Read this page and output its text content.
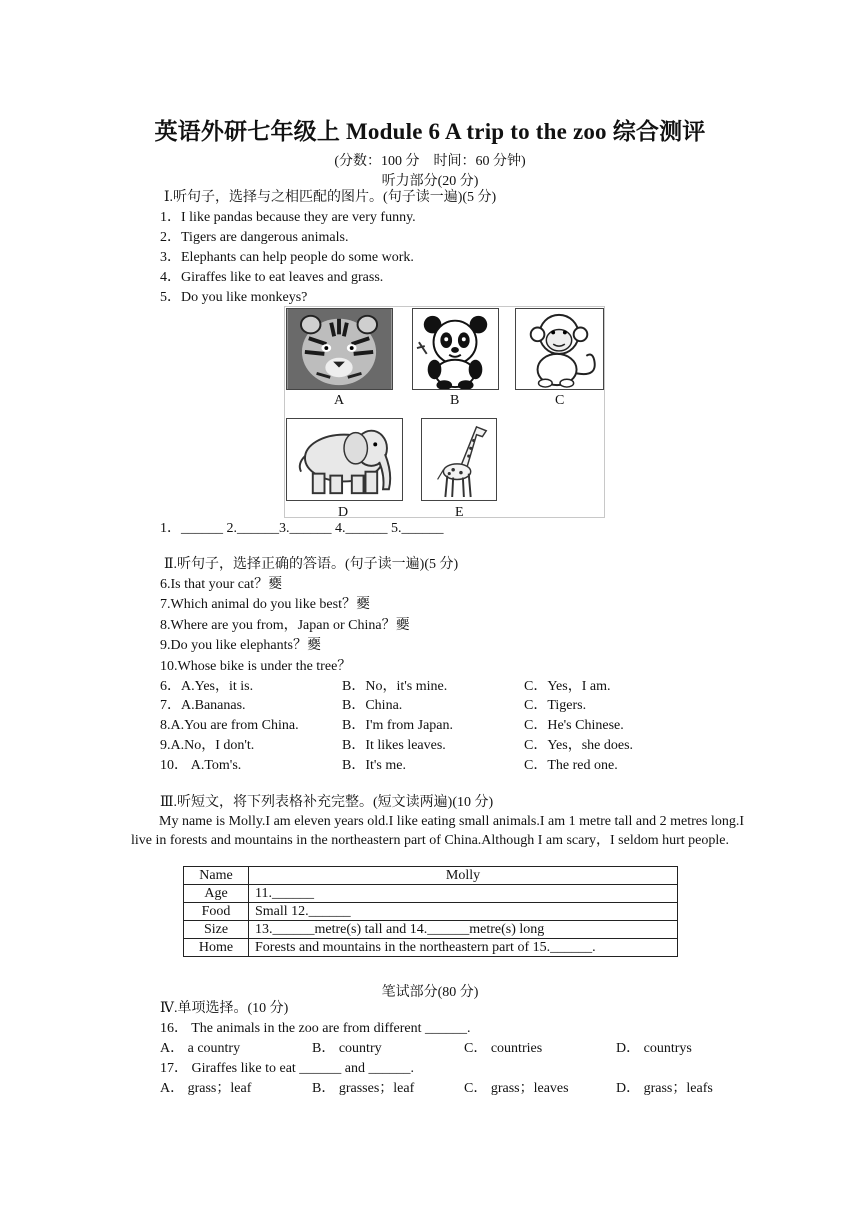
英语外研七年级上 Module 6 A trip to the zoo 综合测评
(分数：100 分　时间：60 分钟)
听力部分(20 分)
Ⅰ.听句子，选择与之相匹配的图片。(句子读一遍)(5 分)
1．I like pandas because they are very funny.
2．Tigers are dangerous animals.
3．Elephants can help people do some work.
4．Giraffes like to eat leaves and grass.
5．Do you like monkeys?
A	B	C
D	E
1．______ 2.______3.______ 4.______ 5.______
Ⅱ.听句子，选择正确的答语。(句子读一遍)(5 分)
6.Is that your cat？夒
7.Which animal do you like best？夒
8.Where are you from，Japan or China？夒
9.Do you like elephants？夒
10.Whose bike is under the tree？
6．A.Yes，it is.	B．No，it's mine.	C．Yes，I am.
7．A.Bananas.	B．China.	C．Tigers.
8.A.You are from China.	B．I'm from Japan.	C．He's Chinese.
9.A.No，I don't.	B．It likes leaves.	C．Yes，she does.
10． A.Tom's.	B．It's me.	C．The red one.
Ⅲ.听短文，将下列表格补充完整。(短文读两遍)(10 分)
My name is Molly.I am eleven years old.I like eating small animals.I am 1 metre tall and 2 metres long.I live in forests and mountains in the northeastern part of China.Although I am scary，I seldom hurt people.
Name	Molly
Age	11.______
Food	Small 12.______
Size	13.______metre(s) tall and 14.______metre(s) long
Home	Forests and mountains in the northeastern part of 15.______.
笔试部分(80 分)
Ⅳ.单项选择。(10 分)
16． The animals in the zoo are from different ______.
A． a country	B． country	C． countries	D． countrys
17． Giraffes like to eat ______ and ______.
A． grass；leaf	B． grasses；leaf	C． grass；leaves	D． grass；leafs
